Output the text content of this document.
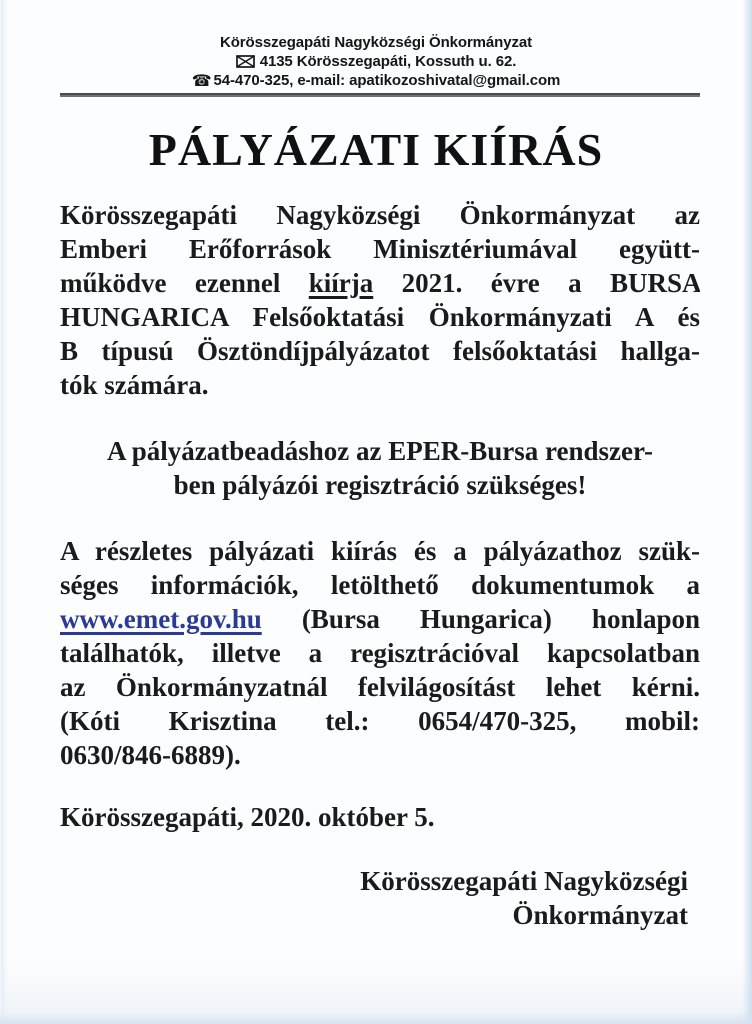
Körösszegapáti Nagyközségi Önkormányzat
4135 Körösszegapáti, Kossuth u. 62.
☎ 54-470-325, e-mail: apatikozoshivatal@gmail.com
PÁLYÁZATI KIÍRÁS
Körösszegapáti Nagyközségi Önkormányzat az
Emberi Erőforrások Minisztériumával együtt-
működve ezennel kiírja 2021. évre a BURSA
HUNGARICA Felsőoktatási Önkormányzati A és
B típusú Ösztöndíjpályázatot felsőoktatási hallga-
tók számára.
A pályázatbeadáshoz az EPER-Bursa rendszer-
ben pályázói regisztráció szükséges!
A részletes pályázati kiírás és a pályázathoz szük-
séges információk, letölthető dokumentumok a
www.emet.gov.hu (Bursa Hungarica) honlapon
találhatók, illetve a regisztrációval kapcsolatban
az Önkormányzatnál felvilágosítást lehet kérni.
(Kóti Krisztina tel.: 0654/470-325, mobil:
0630/846-6889).
Körösszegapáti, 2020. október 5.
Körösszegapáti Nagyközségi
Önkormányzat
